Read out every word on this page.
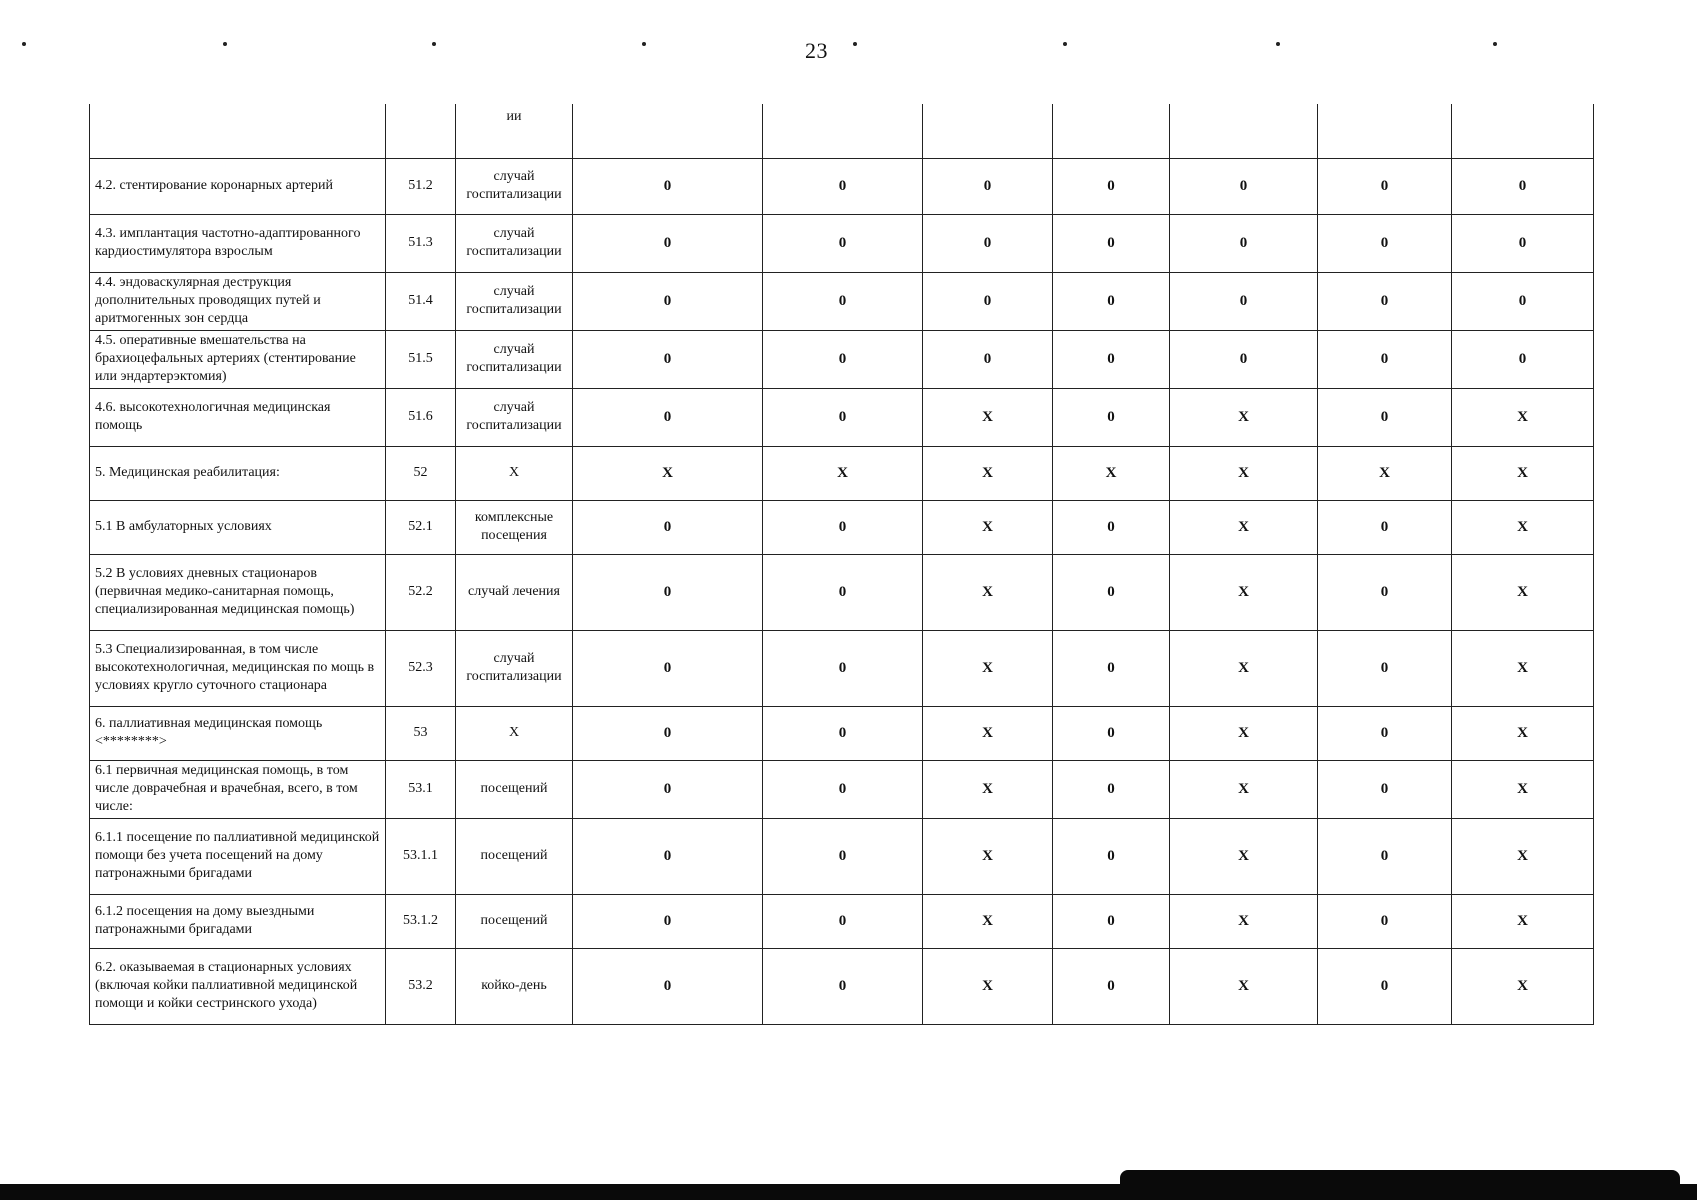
23
		ии							
4.2. стентирование коронарных артерий	51.2	случай госпитализации	0	0	0	0	0	0	0
4.3. имплантация частотно-адаптированного кардиостимулятора взрослым	51.3	случай госпитализации	0	0	0	0	0	0	0
4.4. эндоваскулярная деструкция дополнительных проводящих путей и аритмогенных зон сердца	51.4	случай госпитализации	0	0	0	0	0	0	0
4.5. оперативные вмешательства на брахиоцефальных артериях (стентирование или эндартерэктомия)	51.5	случай госпитализации	0	0	0	0	0	0	0
4.6. высокотехнологичная медицинская помощь	51.6	случай госпитализации	0	0	X	0	X	0	X
5. Медицинская реабилитация:	52	X	X	X	X	X	X	X	X
5.1 В амбулаторных условиях	52.1	комплексные посещения	0	0	X	0	X	0	X
5.2 В условиях дневных стационаров (первичная медико-санитарная помощь, специализированная медицинская помощь)	52.2	случай лечения	0	0	X	0	X	0	X
5.3 Специализированная, в том числе высокотехнологичная, медицинская по мощь в условиях кругло суточного стационара	52.3	случай госпитализации	0	0	X	0	X	0	X
6. паллиативная медицинская помощь <********>	53	X	0	0	X	0	X	0	X
6.1 первичная медицинская помощь, в том числе доврачебная и врачебная, всего, в том числе:	53.1	посещений	0	0	X	0	X	0	X
6.1.1 посещение по паллиативной медицинской помощи без учета посещений на дому патронажными бригадами	53.1.1	посещений	0	0	X	0	X	0	X
6.1.2 посещения на дому выездными патронажными бригадами	53.1.2	посещений	0	0	X	0	X	0	X
6.2. оказываемая в стационарных условиях (включая койки паллиативной медицинской помощи и койки сестринского ухода)	53.2	койко-день	0	0	X	0	X	0	X
